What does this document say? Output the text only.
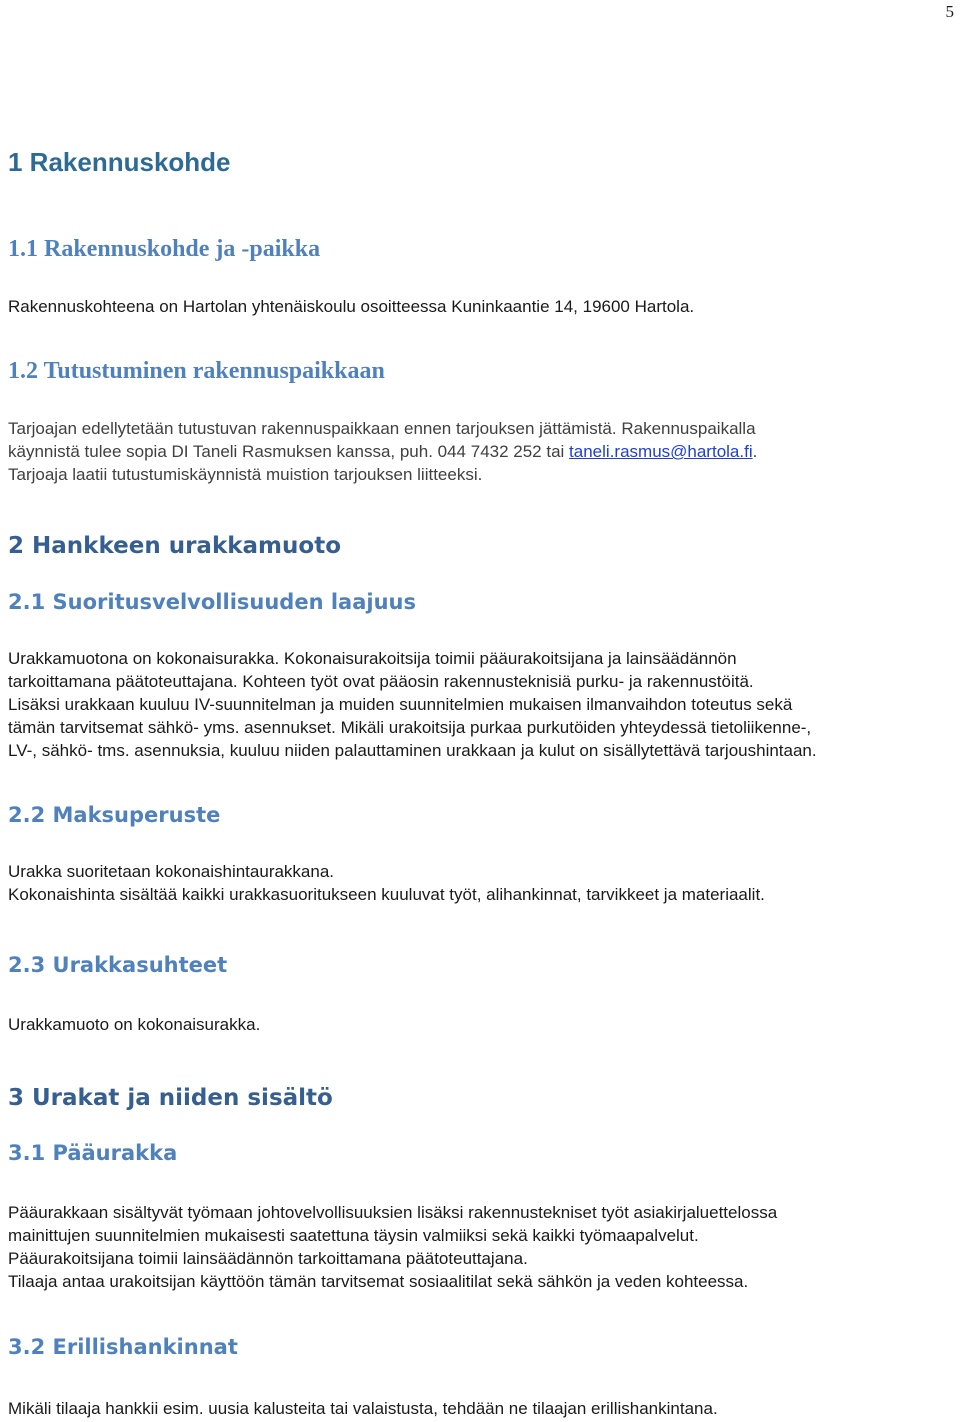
5
1 Rakennuskohde
1.1 Rakennuskohde ja -paikka

Rakennuskohteena on Hartolan yhtenäiskoulu osoitteessa Kuninkaantie 14, 19600 Hartola.

1.2 Tutustuminen rakennuspaikkaan

Tarjoajan edellytetään tutustuvan rakennuspaikkaan ennen tarjouksen jättämistä. Rakennuspaikalla

käynnistä tulee sopia DI Taneli Rasmuksen kanssa, puh. 044 7432 252 tai taneli.rasmus@hartola.fi.

Tarjoaja laatii tutustumiskäynnistä muistion tarjouksen liitteeksi.

2 Hankkeen urakkamuoto
2.1 Suoritusvelvollisuuden laajuus

Urakkamuotona on kokonaisurakka. Kokonaisurakoitsija toimii pääurakoitsijana ja lainsäädännön

tarkoittamana päätoteuttajana. Kohteen työt ovat pääosin rakennusteknisiä purku- ja rakennustöitä.

Lisäksi urakkaan kuuluu IV-suunnitelman ja muiden suunnitelmien mukaisen ilmanvaihdon toteutus sekä

tämän tarvitsemat sähkö- yms. asennukset. Mikäli urakoitsija purkaa purkutöiden yhteydessä tietoliikenne-,

LV-, sähkö- tms. asennuksia, kuuluu niiden palauttaminen urakkaan ja kulut on sisällytettävä tarjoushintaan.

2.2 Maksuperuste

Urakka suoritetaan kokonaishintaurakkana.

Kokonaishinta sisältää kaikki urakkasuoritukseen kuuluvat työt, alihankinnat, tarvikkeet ja materiaalit.

2.3 Urakkasuhteet

Urakkamuoto on kokonaisurakka.

3 Urakat ja niiden sisältö
3.1 Pääurakka

Pääurakkaan sisältyvät työmaan johtovelvollisuuksien lisäksi rakennustekniset työt asiakirjaluettelossa

mainittujen suunnitelmien mukaisesti saatettuna täysin valmiiksi sekä kaikki työmaapalvelut.

Pääurakoitsijana toimii lainsäädännön tarkoittamana päätoteuttajana.

Tilaaja antaa urakoitsijan käyttöön tämän tarvitsemat sosiaalitilat sekä sähkön ja veden kohteessa.

3.2 Erillishankinnat

Mikäli tilaaja hankkii esim. uusia kalusteita tai valaistusta, tehdään ne tilaajan erillishankintana.
